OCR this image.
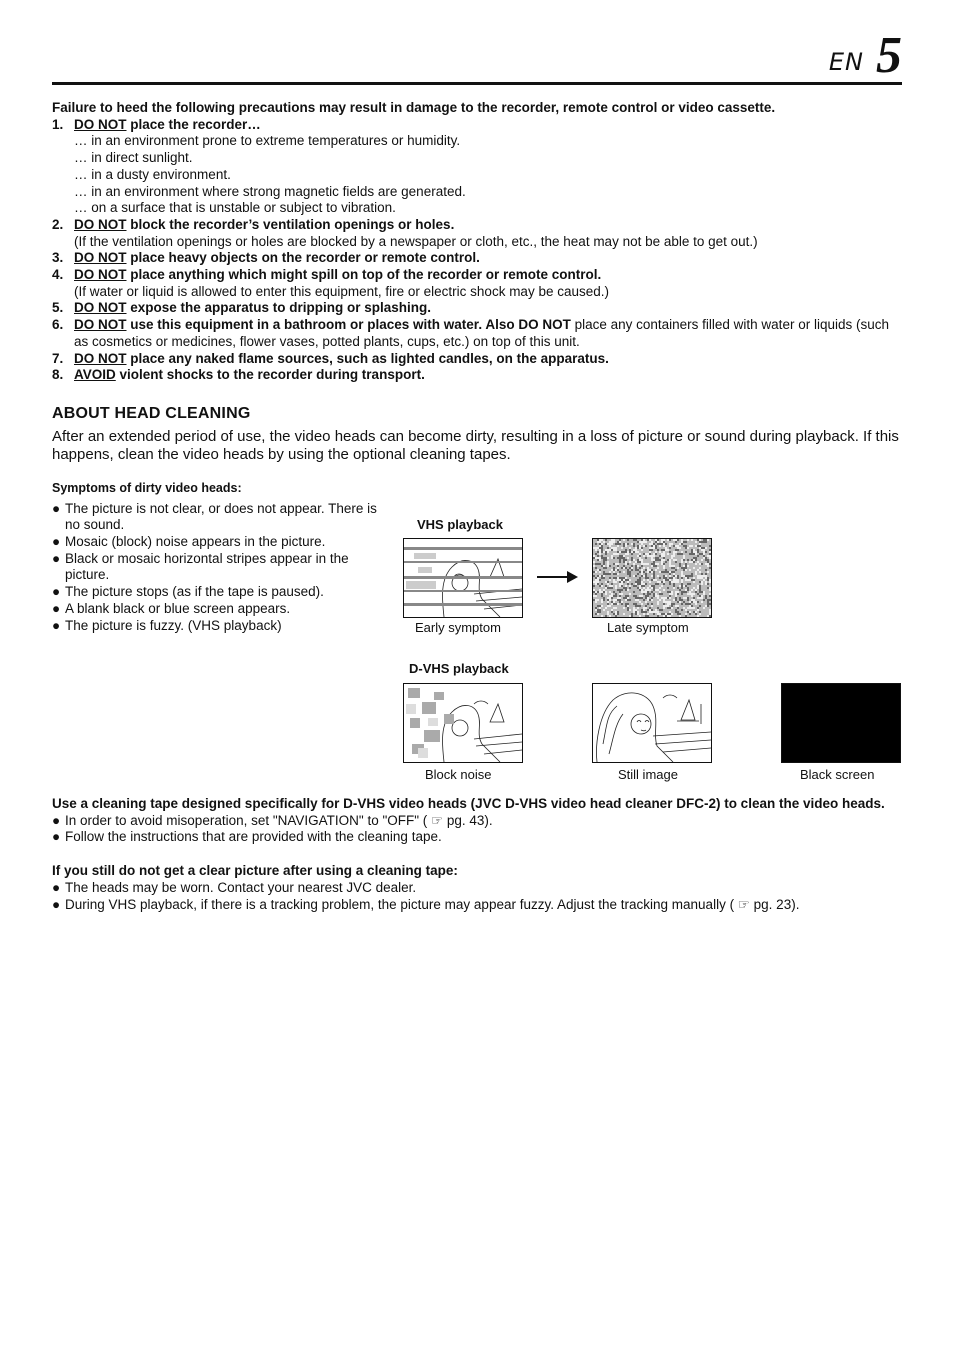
EN 5

Failure to heed the following precautions may result in damage to the recorder, remote control or video cassette.

1. DO NOT place the recorder…
… in an environment prone to extreme temperatures or humidity.
… in direct sunlight.
… in a dusty environment.
… in an environment where strong magnetic fields are generated.
… on a surface that is unstable or subject to vibration.
2. DO NOT block the recorder’s ventilation openings or holes.
(If the ventilation openings or holes are blocked by a newspaper or cloth, etc., the heat may not be able to get out.)
3. DO NOT place heavy objects on the recorder or remote control.
4. DO NOT place anything which might spill on top of the recorder or remote control.
(If water or liquid is allowed to enter this equipment, fire or electric shock may be caused.)
5. DO NOT expose the apparatus to dripping or splashing.
6. DO NOT use this equipment in a bathroom or places with water. Also DO NOT place any containers filled with water or liquids (such as cosmetics or medicines, flower vases, potted plants, cups, etc.) on top of this unit.
7. DO NOT place any naked flame sources, such as lighted candles, on the apparatus.
8. AVOID violent shocks to the recorder during transport.
ABOUT HEAD CLEANING

After an extended period of use, the video heads can become dirty, resulting in a loss of picture or sound during playback. If this happens, clean the video heads by using the optional cleaning tapes.

Symptoms of dirty video heads:
● The picture is not clear, or does not appear. There is no sound.
● Mosaic (block) noise appears in the picture.
● Black or mosaic horizontal stripes appear in the picture.
● The picture stops (as if the tape is paused).
● A blank black or blue screen appears.
● The picture is fuzzy. (VHS playback)
VHS playback
Early symptom	Late symptom
D-VHS playback
Block noise	Still image	Black screen

Use a cleaning tape designed specifically for D-VHS video heads (JVC D-VHS video head cleaner DFC-2) to clean the video heads.

● In order to avoid misoperation, set "NAVIGATION" to "OFF" ( ☞ pg. 43).
● Follow the instructions that are provided with the cleaning tape.

If you still do not get a clear picture after using a cleaning tape:

● The heads may be worn. Contact your nearest JVC dealer.
● During VHS playback, if there is a tracking problem, the picture may appear fuzzy. Adjust the tracking manually ( ☞ pg. 23).
